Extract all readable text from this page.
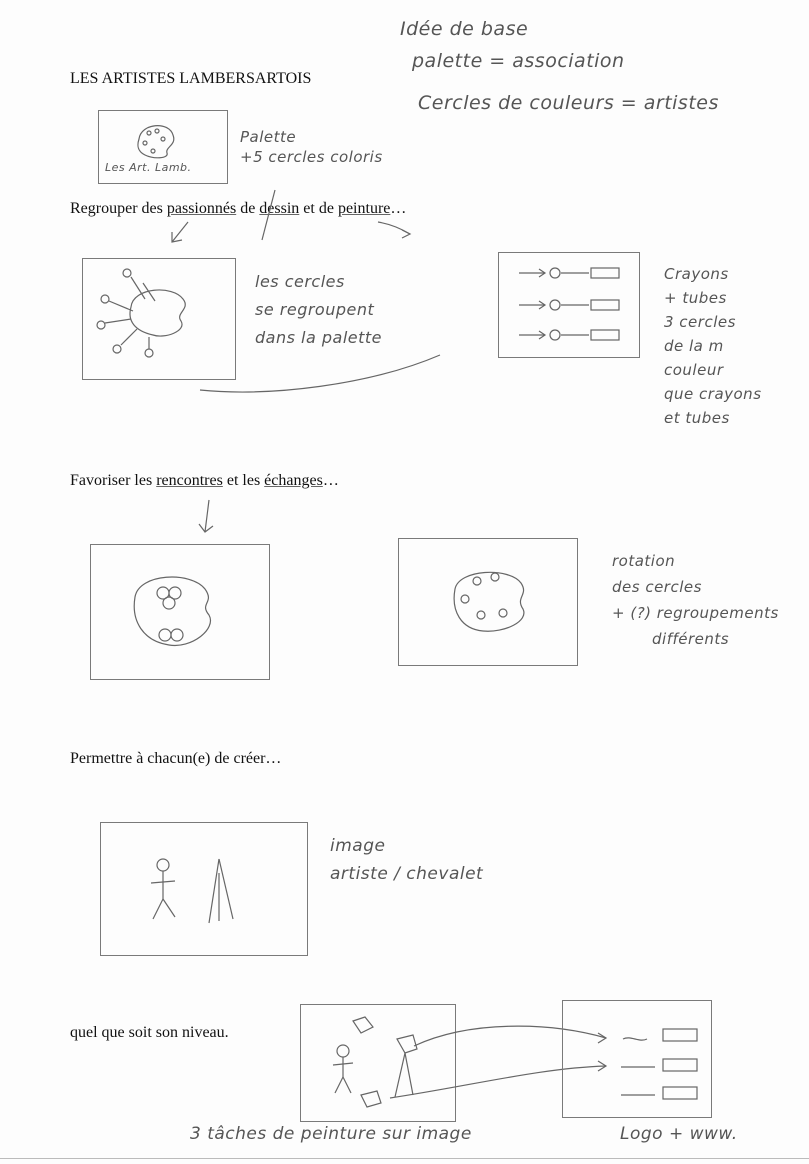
Idée de base
palette = association
Cercles de couleurs = artistes
LES ARTISTES LAMBERSARTOIS
Les Art. Lamb.
Palette
+5 cercles coloris
Regrouper des passionnés de dessin et de peinture…
les cercles
se regroupent
dans la palette
Crayons
+ tubes
3 cercles
de la m
couleur
que crayons
et tubes
Favoriser les rencontres et les échanges…
rotation
des cercles
+ (?) regroupements
différents
Permettre à chacun(e) de créer…
image
artiste / chevalet
quel que soit son niveau.
3 tâches de peinture sur image	Logo + www.
